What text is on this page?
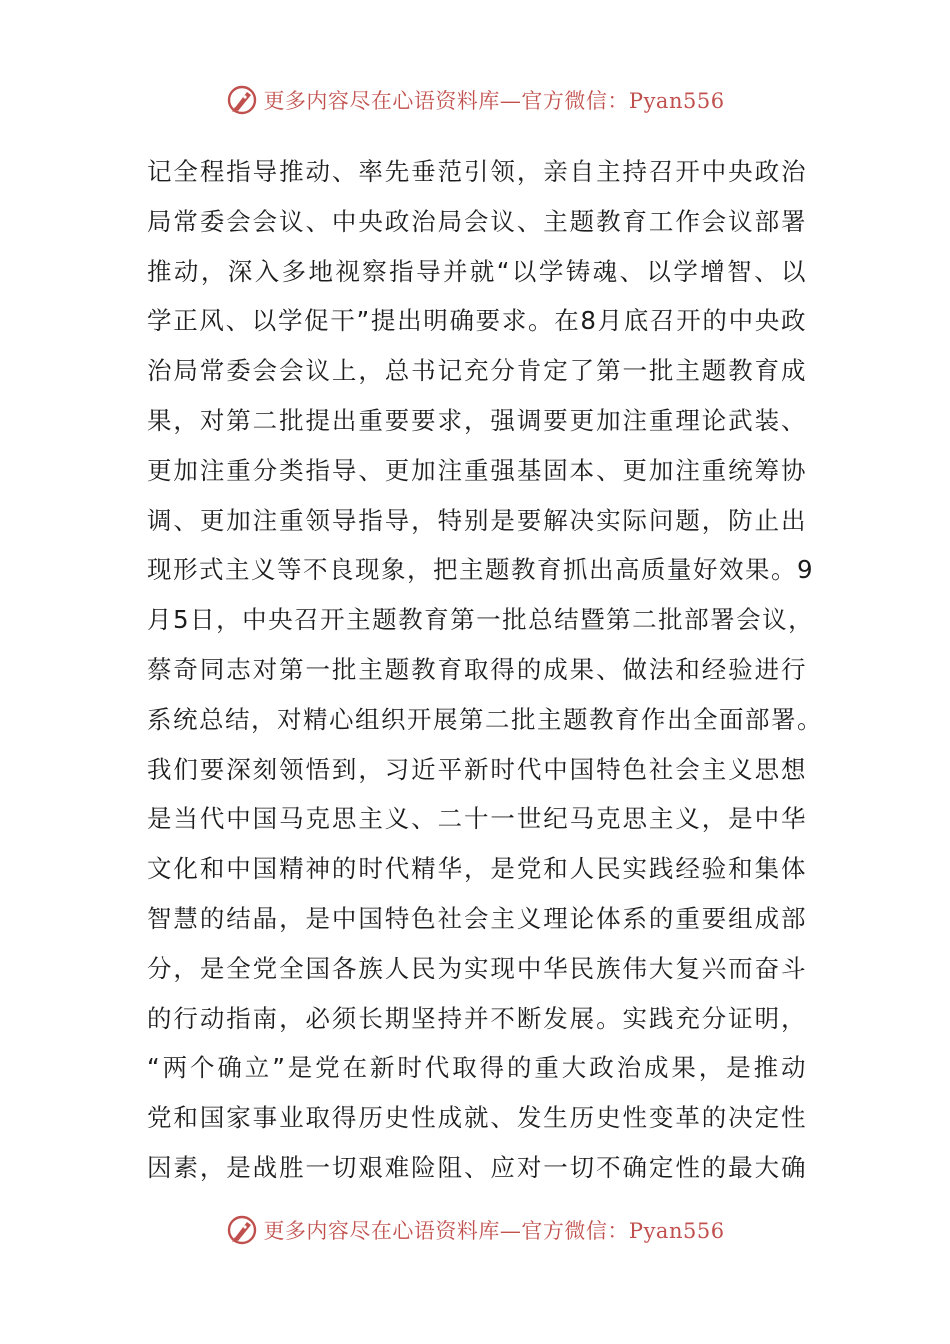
更多内容尽在心语资料库—官方微信：Pyan556
记全程指导推动、率先垂范引领，亲自主持召开中央政治
局常委会会议、中央政治局会议、主题教育工作会议部署
推动，深入多地视察指导并就“以学铸魂、以学增智、以
学正风、以学促干”提出明确要求。在8月底召开的中央政
治局常委会会议上，总书记充分肯定了第一批主题教育成
果，对第二批提出重要要求，强调要更加注重理论武装、
更加注重分类指导、更加注重强基固本、更加注重统筹协
调、更加注重领导指导，特别是要解决实际问题，防止出
现形式主义等不良现象，把主题教育抓出高质量好效果。9
月5日，中央召开主题教育第一批总结暨第二批部署会议，
蔡奇同志对第一批主题教育取得的成果、做法和经验进行
系统总结，对精心组织开展第二批主题教育作出全面部署。
我们要深刻领悟到，习近平新时代中国特色社会主义思想
是当代中国马克思主义、二十一世纪马克思主义，是中华
文化和中国精神的时代精华，是党和人民实践经验和集体
智慧的结晶，是中国特色社会主义理论体系的重要组成部
分，是全党全国各族人民为实现中华民族伟大复兴而奋斗
的行动指南，必须长期坚持并不断发展。实践充分证明，
“两个确立”是党在新时代取得的重大政治成果，是推动
党和国家事业取得历史性成就、发生历史性变革的决定性
因素，是战胜一切艰难险阻、应对一切不确定性的最大确
更多内容尽在心语资料库—官方微信：Pyan556
